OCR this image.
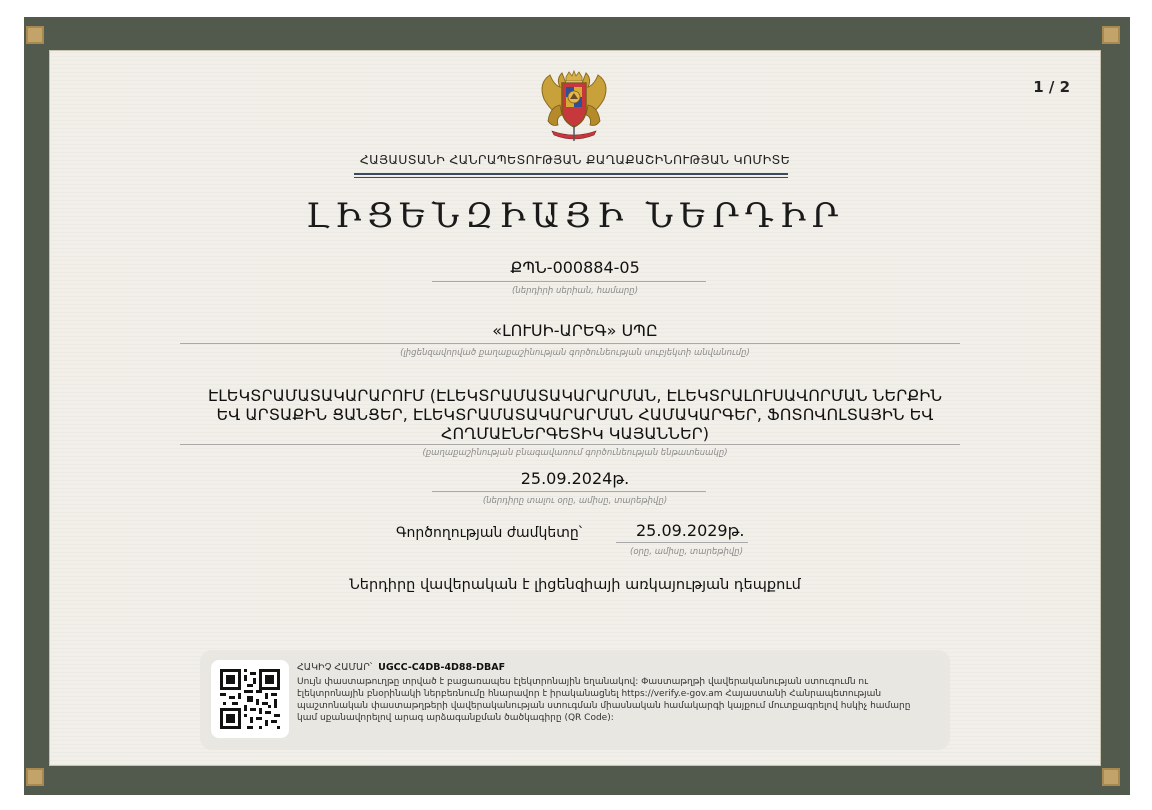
1 / 2
ՀԱՅԱՍՏԱՆԻ ՀԱՆՐԱՊԵՏՈՒԹՅԱՆ ՔԱՂԱՔԱՇԻՆՈՒԹՅԱՆ ԿՈՄԻՏԵ
ԼԻՑԵՆԶԻԱՅԻ ՆԵՐԴԻՐ
ՔՊՆ-000884-05
(ներդիրի սերիան, համարը)
«ԼՈՒՍԻ-ԱՐԵԳ» ՍՊԸ
(լիցենզավորված քաղաքաշինության գործունեության սուբյեկտի անվանումը)
ԷԼԵԿՏՐԱՄԱՏԱԿԱՐԱՐՈՒՄ (ԷԼԵԿՏՐԱՄԱՏԱԿԱՐԱՐՄԱՆ, ԷԼԵԿՏՐԱԼՈՒՍԱՎՈՐՄԱՆ ՆԵՐՔԻՆ ԵՎ ԱՐՏԱՔԻՆ ՑԱՆՑԵՐ, ԷԼԵԿՏՐԱՄԱՏԱԿԱՐԱՐՄԱՆ ՀԱՄԱԿԱՐԳԵՐ, ՖՈՏՈՎՈԼՏԱՅԻՆ ԵՎ ՀՈՂՄԱԷՆԵՐԳԵՏԻԿ ԿԱՅԱՆՆԵՐ)
(քաղաքաշինության բնագավառում գործունեության ենթատեսակը)
25.09.2024թ.
(ներդիրը տալու օրը, ամիսը, տարեթիվը)
Գործողության ժամկետը՝	25.09.2029թ.
(օրը, ամիսը, տարեթիվը)
Ներդիրը վավերական է լիցենզիայի առկայության դեպքում
ՀԱԿԻՉ ՀԱՄԱՐ՝ UGCC-C4DB-4D88-DBAF
Սույն փաստաթուղթը տրված է բացառապես էլեկտրոնային եղանակով: Փաստաթղթի վավերականության ստուգումն ու էլեկտրոնային բնօրինակի ներբեռնումը հնարավոր է իրականացնել https://verify.e-gov.am Հայաստանի Հանրապետության պաշտոնական փաստաթղթերի վավերականության ստուգման միասնական համակարգի կայքում մուտքագրելով հսկիչ համարը կամ սքանավորելով արագ արձագանքման ծածկագիրը (QR Code):
